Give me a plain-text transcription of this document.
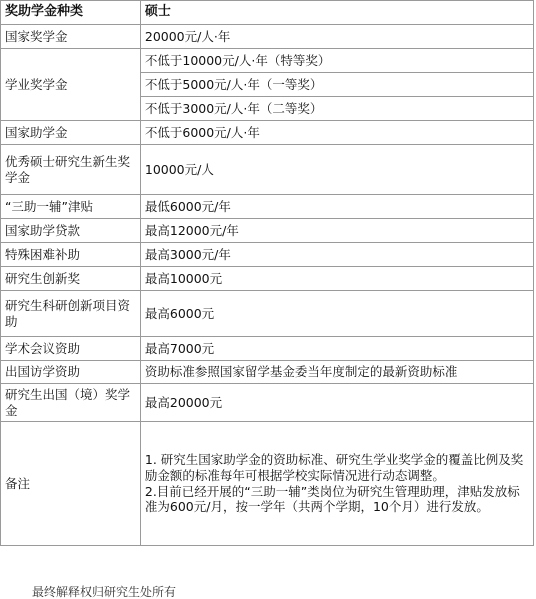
奖助学金种类	硕士
国家奖学金	20000元/人·年
学业奖学金	不低于10000元/人·年（特等奖）
	不低于5000元/人·年（一等奖）
	不低于3000元/人·年（二等奖）
国家助学金	不低于6000元/人·年
优秀硕士研究生新生奖学金	10000元/人
“三助一辅”津贴	最低6000元/年
国家助学贷款	最高12000元/年
特殊困难补助	最高3000元/年
研究生创新奖	最高10000元
研究生科研创新项目资助	最高6000元
学术会议资助	最高7000元
出国访学资助	资助标准参照国家留学基金委当年度制定的最新资助标准
研究生出国（境）奖学金	最高20000元
备注	1. 研究生国家助学金的资助标准、研究生学业奖学金的覆盖比例及奖励金额的标准每年可根据学校实际情况进行动态调整。

2.目前已经开展的“三助一辅”类岗位为研究生管理助理，津贴发放标准为600元/月，按一学年（共两个学期，10个月）进行发放。

最终解释权归研究生处所有
